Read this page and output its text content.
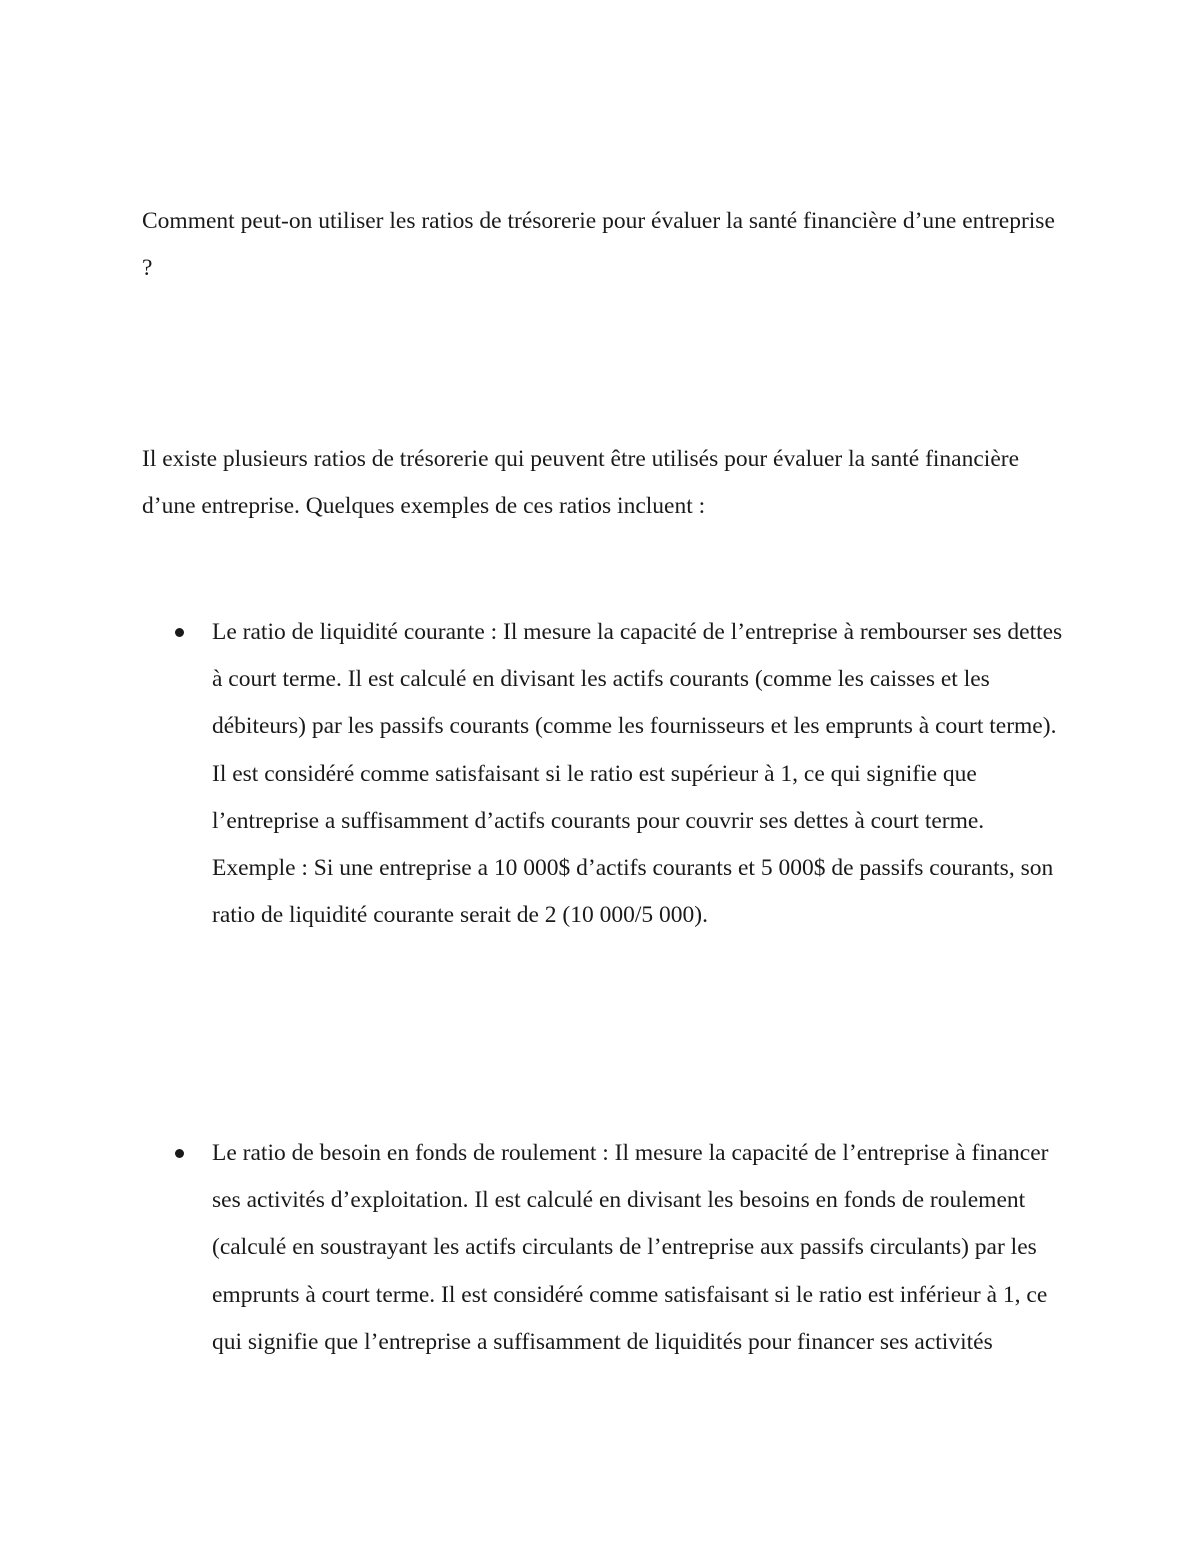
Comment peut-on utiliser les ratios de trésorerie pour évaluer la santé financière d’une entreprise ?

Il existe plusieurs ratios de trésorerie qui peuvent être utilisés pour évaluer la santé financière d’une entreprise. Quelques exemples de ces ratios incluent :

Le ratio de liquidité courante : Il mesure la capacité de l’entreprise à rembourser ses dettes à court terme. Il est calculé en divisant les actifs courants (comme les caisses et les débiteurs) par les passifs courants (comme les fournisseurs et les emprunts à court terme). Il est considéré comme satisfaisant si le ratio est supérieur à 1, ce qui signifie que l’entreprise a suffisamment d’actifs courants pour couvrir ses dettes à court terme. Exemple : Si une entreprise a 10 000$ d’actifs courants et 5 000$ de passifs courants, son ratio de liquidité courante serait de 2 (10 000/5 000).
Le ratio de besoin en fonds de roulement : Il mesure la capacité de l’entreprise à financer ses activités d’exploitation. Il est calculé en divisant les besoins en fonds de roulement (calculé en soustrayant les actifs circulants de l’entreprise aux passifs circulants) par les emprunts à court terme. Il est considéré comme satisfaisant si le ratio est inférieur à 1, ce qui signifie que l’entreprise a suffisamment de liquidités pour financer ses activités
